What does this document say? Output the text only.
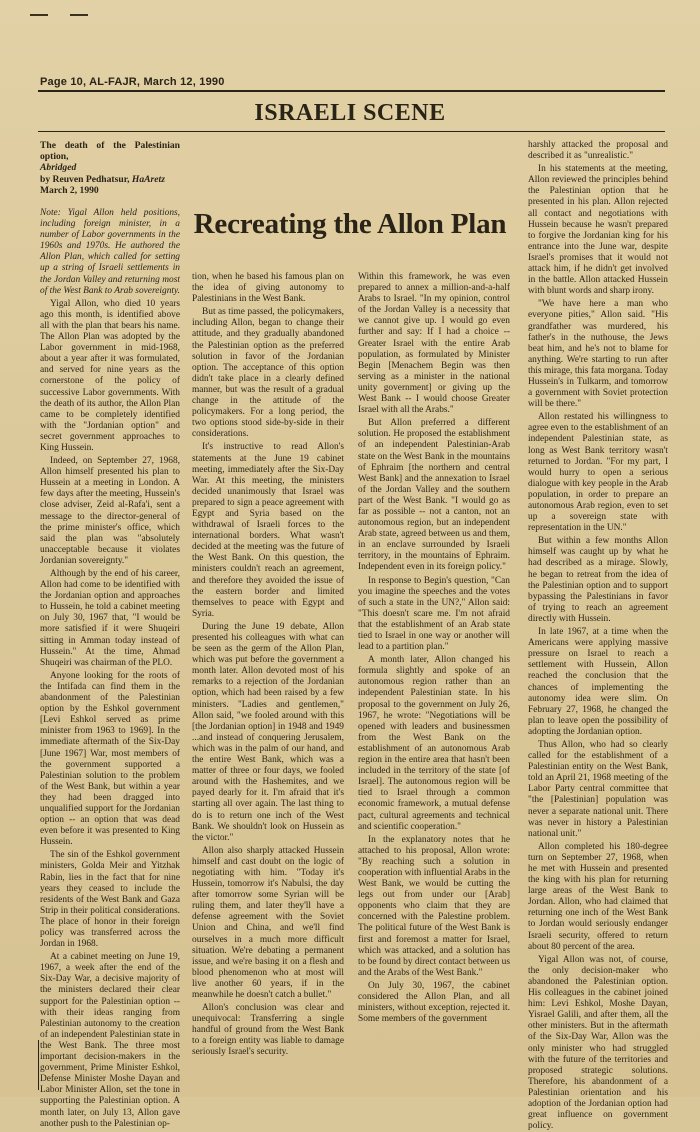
Page 10, AL-FAJR, March 12, 1990
ISRAELI SCENE
The death of the Palestinian option,
Abridged
by Reuven Pedhatsur, HaAretz
March 2, 1990

Note: Yigal Allon held positions, including foreign minister, in a number of Labor governments in the 1960s and 1970s. He authored the Allon Plan, which called for setting up a string of Israeli settlements in the Jordan Valley and returning most of the West Bank to Arab sovereignty.

Yigal Allon, who died 10 years ago this month, is identified above all with the plan that bears his name. The Allon Plan was adopted by the Labor government in mid-1968, about a year after it was formulated, and served for nine years as the cornerstone of the policy of successive Labor governments. With the death of its author, the Allon Plan came to be completely identified with the "Jordanian option" and secret government approaches to King Hussein.

Indeed, on September 27, 1968, Allon himself presented his plan to Hussein at a meeting in London. A few days after the meeting, Hussein's close adviser, Zeid al-Rafa'i, sent a message to the director-general of the prime minister's office, which said the plan was "absolutely unacceptable because it violates Jordanian sovereignty."

Although by the end of his career, Allon had come to be identified with the Jordanian option and approaches to Hussein, he told a cabinet meeting on July 30, 1967 that, "I would be more satisfied if it were Shuqeiri sitting in Amman today instead of Hussein." At the time, Ahmad Shuqeiri was chairman of the PLO.

Anyone looking for the roots of the Intifada can find them in the abandonment of the Palestinian option by the Eshkol government [Levi Eshkol served as prime minister from 1963 to 1969]. In the immediate aftermath of the Six-Day [June 1967] War, most members of the government supported a Palestinian solution to the problem of the West Bank, but within a year they had been dragged into unqualified support for the Jordanian option -- an option that was dead even before it was presented to King Hussein.

The sin of the Eshkol government ministers, Golda Meir and Yitzhak Rabin, lies in the fact that for nine years they ceased to include the residents of the West Bank and Gaza Strip in their political considerations. The place of honor in their foreign policy was transferred across the Jordan in 1968.

At a cabinet meeting on June 19, 1967, a week after the end of the Six-Day War, a decisive majority of the ministers declared their clear support for the Palestinian option -- with their ideas ranging from Palestinian autonomy to the creation of an independent Palestinian state in the West Bank. The three most important decision-makers in the government, Prime Minister Eshkol, Defense Minister Moshe Dayan and Labor Minister Allon, set the tone in supporting the Palestinian option. A month later, on July 13, Allon gave another push to the Palestinian op-

Recreating the Allon Plan

tion, when he based his famous plan on the idea of giving autonomy to Palestinians in the West Bank.

But as time passed, the policymakers, including Allon, began to change their attitude, and they gradually abandoned the Palestinian option as the preferred solution in favor of the Jordanian option. The acceptance of this option didn't take place in a clearly defined manner, but was the result of a gradual change in the attitude of the policymakers. For a long period, the two options stood side-by-side in their considerations.

It's instructive to read Allon's statements at the June 19 cabinet meeting, immediately after the Six-Day War. At this meeting, the ministers decided unanimously that Israel was prepared to sign a peace agreement with Egypt and Syria based on the withdrawal of Israeli forces to the international borders. What wasn't decided at the meeting was the future of the West Bank. On this question, the ministers couldn't reach an agreement, and therefore they avoided the issue of the eastern border and limited themselves to peace with Egypt and Syria.

During the June 19 debate, Allon presented his colleagues with what can be seen as the germ of the Allon Plan, which was put before the government a month later. Allon devoted most of his remarks to a rejection of the Jordanian option, which had been raised by a few ministers. "Ladies and gentlemen," Allon said, "we fooled around with this [the Jordanian option] in 1948 and 1949 ...and instead of conquering Jerusalem, which was in the palm of our hand, and the entire West Bank, which was a matter of three or four days, we fooled around with the Hashemites, and we payed dearly for it. I'm afraid that it's starting all over again. The last thing to do is to return one inch of the West Bank. We shouldn't look on Hussein as the victor."

Allon also sharply attacked Hussein himself and cast doubt on the logic of negotiating with him. "Today it's Hussein, tomorrow it's Nabulsi, the day after tomorrow some Syrian will be ruling them, and later they'll have a defense agreement with the Soviet Union and China, and we'll find ourselves in a much more difficult situation. We're debating a permanent issue, and we're basing it on a flesh and blood phenomenon who at most will live another 60 years, if in the meanwhile he doesn't catch a bullet."

Allon's conclusion was clear and unequivocal: Transferring a single handful of ground from the West Bank to a foreign entity was liable to damage seriously Israel's security.

Within this framework, he was even prepared to annex a million-and-a-half Arabs to Israel. "In my opinion, control of the Jordan Valley is a necessity that we cannot give up. I would go even further and say: If I had a choice -- Greater Israel with the entire Arab population, as formulated by Minister Begin [Menachem Begin was then serving as a minister in the national unity government] or giving up the West Bank -- I would choose Greater Israel with all the Arabs."

But Allon preferred a different solution. He proposed the establishment of an independent Palestinian-Arab state on the West Bank in the mountains of Ephraim [the northern and central West Bank] and the annexation to Israel of the Jordan Valley and the southern part of the West Bank. "I would go as far as possible -- not a canton, not an autonomous region, but an independent Arab state, agreed between us and them, in an enclave surrounded by Israeli territory, in the mountains of Ephraim. Independent even in its foreign policy."

In response to Begin's question, "Can you imagine the speeches and the votes of such a state in the UN?," Allon said: "This doesn't scare me. I'm not afraid that the establishment of an Arab state tied to Israel in one way or another will lead to a partition plan."

A month later, Allon changed his formula slightly and spoke of an autonomous region rather than an independent Palestinian state. In his proposal to the government on July 26, 1967, he wrote: "Negotiations will be opened with leaders and businessmen from the West Bank on the establishment of an autonomous Arab region in the entire area that hasn't been included in the territory of the state [of Israel]. The autonomous region will be tied to Israel through a common economic framework, a mutual defense pact, cultural agreements and technical and scientific cooperation."

In the explanatory notes that he attached to his proposal, Allon wrote: "By reaching such a solution in cooperation with influential Arabs in the West Bank, we would be cutting the legs out from under our [Arab] opponents who claim that they are concerned with the Palestine problem. The political future of the West Bank is first and foremost a matter for Israel, which was attacked, and a solution has to be found by direct contact between us and the Arabs of the West Bank."

On July 30, 1967, the cabinet considered the Allon Plan, and all ministers, without exception, rejected it. Some members of the government

harshly attacked the proposal and described it as "unrealistic."

In his statements at the meeting, Allon reviewed the principles behind the Palestinian option that he presented in his plan. Allon rejected all contact and negotiations with Hussein because he wasn't prepared to forgive the Jordanian king for his entrance into the June war, despite Israel's promises that it would not attack him, if he didn't get involved in the battle. Allon attacked Hussein with blunt words and sharp irony.

"We have here a man who everyone pities," Allon said. "His grandfather was murdered, his father's in the nuthouse, the Jews beat him, and he's not to blame for anything. We're starting to run after this mirage, this fata morgana. Today Hussein's in Tulkarm, and tomorrow a government with Soviet protection will be there."

Allon restated his willingness to agree even to the establishment of an independent Palestinian state, as long as West Bank territory wasn't returned to Jordan. "For my part, I would hurry to open a serious dialogue with key people in the Arab population, in order to prepare an autonomous Arab region, even to set up a sovereign state with representation in the UN."

But within a few months Allon himself was caught up by what he had described as a mirage. Slowly, he began to retreat from the idea of the Palestinian option and to support bypassing the Palestinians in favor of trying to reach an agreement directly with Hussein.

In late 1967, at a time when the Americans were applying massive pressure on Israel to reach a settlement with Hussein, Allon reached the conclusion that the chances of implementing the autonomy idea were slim. On February 27, 1968, he changed the plan to leave open the possibility of adopting the Jordanian option.

Thus Allon, who had so clearly called for the establishment of a Palestinian entity on the West Bank, told an April 21, 1968 meeting of the Labor Party central committee that "the [Palestinian] population was never a separate national unit. There was never in history a Palestinian national unit."

Allon completed his 180-degree turn on September 27, 1968, when he met with Hussein and presented the king with his plan for returning large areas of the West Bank to Jordan. Allon, who had claimed that returning one inch of the West Bank to Jordan would seriously endanger Israeli security, offered to return about 80 percent of the area.

Yigal Allon was not, of course, the only decision-maker who abandoned the Palestinian option. His colleagues in the cabinet joined him: Levi Eshkol, Moshe Dayan, Yisrael Galili, and after them, all the other ministers. But in the aftermath of the Six-Day War, Allon was the only minister who had struggled with the future of the territories and proposed strategic solutions. Therefore, his abandonment of a Palestinian orientation and his adoption of the Jordanian option had great influence on government policy.
